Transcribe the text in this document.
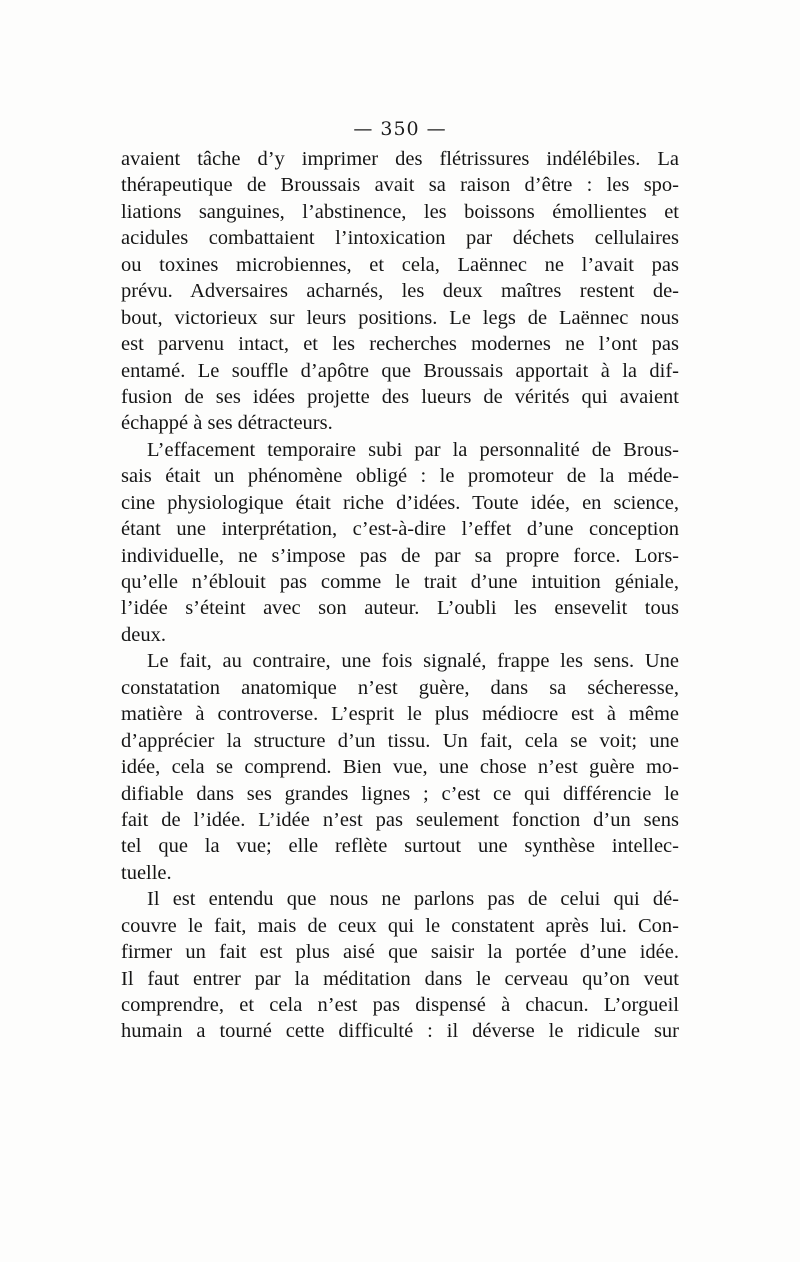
— 350 —
avaient tâche d’y imprimer des flétrissures indélébiles. La
thérapeutique de Broussais avait sa raison d’être : les spo-
liations sanguines, l’abstinence, les boissons émollientes et
acidules combattaient l’intoxication par déchets cellulaires
ou toxines microbiennes, et cela, Laënnec ne l’avait pas
prévu. Adversaires acharnés, les deux maîtres restent de-
bout, victorieux sur leurs positions. Le legs de Laënnec nous
est parvenu intact, et les recherches modernes ne l’ont pas
entamé. Le souffle d’apôtre que Broussais apportait à la dif-
fusion de ses idées projette des lueurs de vérités qui avaient
échappé à ses détracteurs.
L’effacement temporaire subi par la personnalité de Brous-
sais était un phénomène obligé : le promoteur de la méde-
cine physiologique était riche d’idées. Toute idée, en science,
étant une interprétation, c’est-à-dire l’effet d’une conception
individuelle, ne s’impose pas de par sa propre force. Lors-
qu’elle n’éblouit pas comme le trait d’une intuition géniale,
l’idée s’éteint avec son auteur. L’oubli les ensevelit tous
deux.
Le fait, au contraire, une fois signalé, frappe les sens. Une
constatation anatomique n’est guère, dans sa sécheresse,
matière à controverse. L’esprit le plus médiocre est à même
d’apprécier la structure d’un tissu. Un fait, cela se voit; une
idée, cela se comprend. Bien vue, une chose n’est guère mo-
difiable dans ses grandes lignes ; c’est ce qui différencie le
fait de l’idée. L’idée n’est pas seulement fonction d’un sens
tel que la vue; elle reflète surtout une synthèse intellec-
tuelle.
Il est entendu que nous ne parlons pas de celui qui dé-
couvre le fait, mais de ceux qui le constatent après lui. Con-
firmer un fait est plus aisé que saisir la portée d’une idée.
Il faut entrer par la méditation dans le cerveau qu’on veut
comprendre, et cela n’est pas dispensé à chacun. L’orgueil
humain a tourné cette difficulté : il déverse le ridicule sur
